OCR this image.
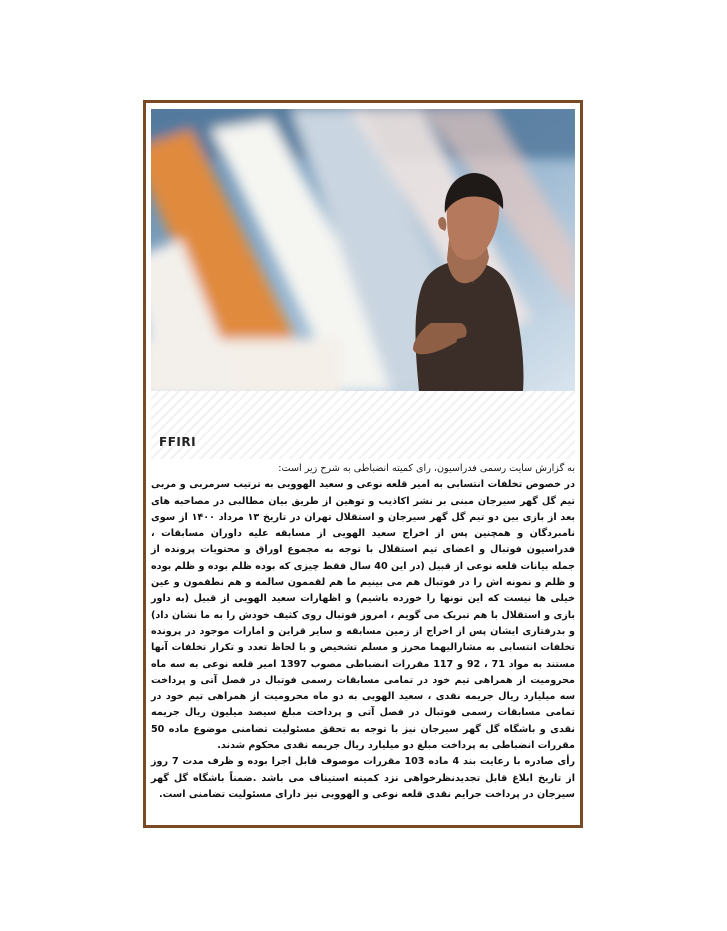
FFIRI

به گزارش سایت رسمی فدراسیون، رای کمیته انضباطی به شرح زیر است:

در خصوص تخلفات انتسابی به امیر قلعه نوعی و سعید الهوویی به ترتیب سرمربی و مربی تیم گل گهر سیرجان مبنی بر نشر اکاذیب و توهین از طریق بیان مطالبی در مصاحبه های بعد از بازی بین دو تیم گل گهر سیرجان و استقلال تهران در تاریخ ۱۳ مرداد ۱۴۰۰ از سوی نامبردگان و همچنین پس از اخراج سعید الهویی از مسابقه علیه داوران مسابقات ، فدراسیون فوتبال و اعضای تیم استقلال با توجه به مجموع اوراق و محتویات پرونده از جمله بیانات قلعه نوعی از قبیل (در این 40 سال فقط چیزی که بوده ظلم بوده و ظلم بوده و ظلم و نمونه اش را در فوتبال هم می بینیم ما هم لقممون سالمه و هم نطفمون و عین خیلی ها نیست که این نونها را خورده باشیم) و اظهارات سعید الهویی از قبیل (به داور بازی و استقلال با هم تبریک می گویم ، امروز فوتبال روی کثیف خودش را به ما نشان داد) و بدرفتاری ایشان پس از اخراج از زمین مسابقه و سایر قراین و امارات موجود در پرونده تخلفات انتسابی به مشارالیهما محرز و مسلم تشخیص و با لحاظ تعدد و تکرار تخلفات آنها مستند به مواد 71 ، 92 و 117 مقررات انضباطی مصوب 1397 امیر قلعه نوعی به سه ماه محرومیت از همراهی تیم خود در تمامی مسابقات رسمی فوتبال در فصل آتی و پرداخت سه میلیارد ریال جریمه نقدی ، سعید الهویی به دو ماه محرومیت از همراهی تیم خود در تمامی مسابقات رسمی فوتبال در فصل آتی و پرداخت مبلغ سیصد میلیون ریال جریمه نقدی و باشگاه گل گهر سیرجان نیز با توجه به تحقق مسئولیت تضامنی موضوع ماده 50 مقررات انضباطی به پرداخت مبلغ دو میلیارد ریال جریمه نقدی محکوم شدند.

رأی صادره با رعایت بند 4 ماده 103 مقررات موصوف قابل اجرا بوده و ظرف مدت 7 روز از تاریخ ابلاغ قابل تجدیدنظرخواهی نزد کمیته استیناف می باشد .ضمناً باشگاه گل گهر سیرجان در پرداخت جرایم نقدی قلعه نوعی و الهوویی نیز دارای مسئولیت تضامنی است.
